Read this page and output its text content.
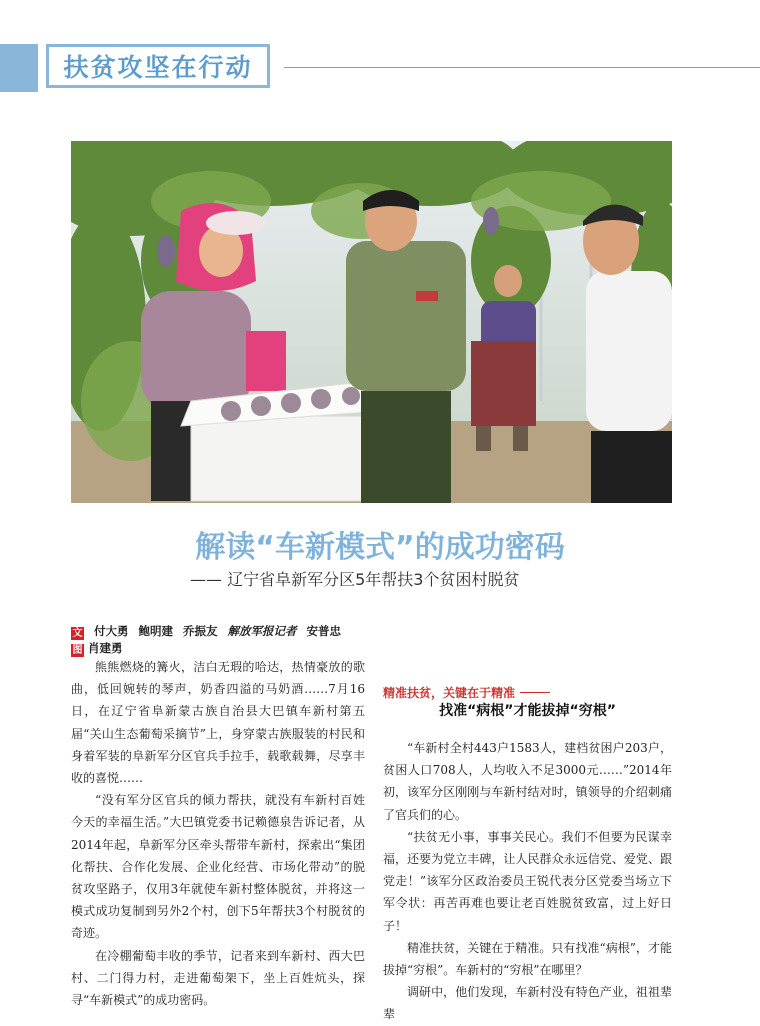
扶贫攻坚在行动
解读“车新模式”的成功密码
—— 辽宁省阜新军分区5年帮扶3个贫困村脱贫
文 付大勇 鲍明建 乔振友 解放军报记者 安普忠
图 肖建勇

熊熊燃烧的篝火，洁白无瑕的哈达，热情豪放的歌曲，低回婉转的琴声，奶香四溢的马奶酒……7月16日，在辽宁省阜新蒙古族自治县大巴镇车新村第五届“关山生态葡萄采摘节”上，身穿蒙古族服装的村民和身着军装的阜新军分区官兵手拉手，载歌载舞，尽享丰收的喜悦……

“没有军分区官兵的倾力帮扶，就没有车新村百姓今天的幸福生活。”大巴镇党委书记赖德泉告诉记者，从2014年起，阜新军分区牵头帮带车新村，探索出“集团化帮扶、合作化发展、企业化经营、市场化带动”的脱贫攻坚路子，仅用3年就使车新村整体脱贫，并将这一模式成功复制到另外2个村，创下5年帮扶3个村脱贫的奇迹。

在冷棚葡萄丰收的季节，记者来到车新村、西大巴村、二门得力村，走进葡萄架下，坐上百姓炕头，探寻“车新模式”的成功密码。

精准扶贫，关键在于精准
找准“病根”才能拔掉“穷根”

“车新村全村443户1583人，建档贫困户203户，贫困人口708人，人均收入不足3000元……”2014年初，该军分区刚刚与车新村结对时，镇领导的介绍刺痛了官兵们的心。

“扶贫无小事，事事关民心。我们不但要为民谋幸福，还要为党立丰碑，让人民群众永远信党、爱党、跟党走！”该军分区政治委员王锐代表分区党委当场立下军令状：再苦再难也要让老百姓脱贫致富，过上好日子！

精准扶贫，关键在于精准。只有找准“病根”，才能拔掉“穷根”。车新村的“穷根”在哪里？

调研中，他们发现，车新村没有特色产业，祖祖辈辈
